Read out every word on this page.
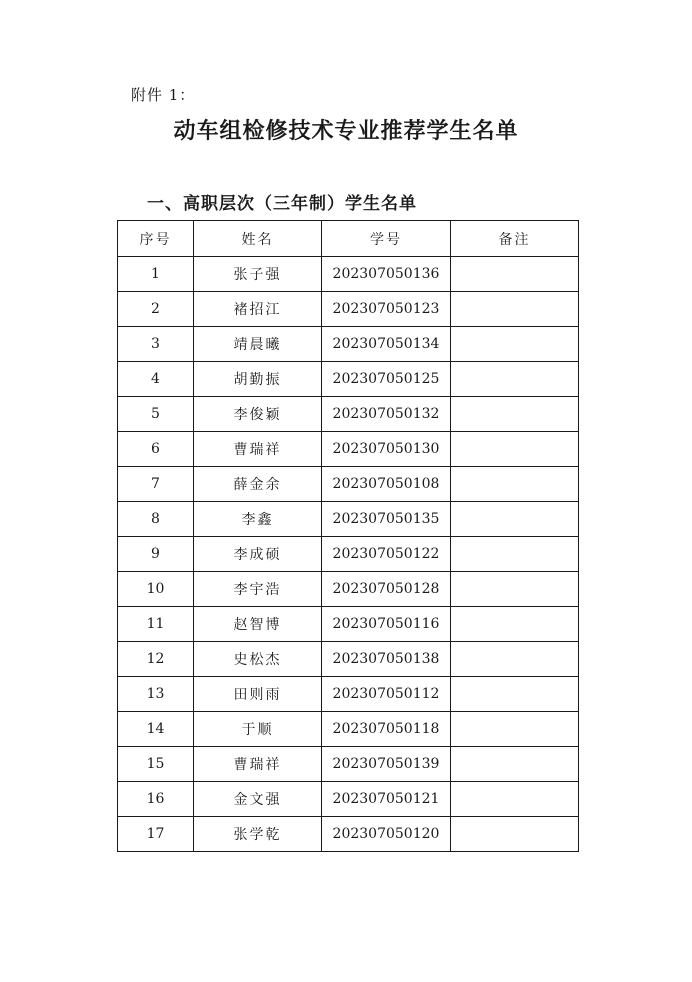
附件 1：
动车组检修技术专业推荐学生名单
一、高职层次（三年制）学生名单
序号	姓名	学号	备注
1	张子强	202307050136	
2	褚招江	202307050123	
3	靖晨曦	202307050134	
4	胡勤振	202307050125	
5	李俊颖	202307050132	
6	曹瑞祥	202307050130	
7	薛金余	202307050108	
8	李鑫	202307050135	
9	李成硕	202307050122	
10	李宇浩	202307050128	
11	赵智博	202307050116	
12	史松杰	202307050138	
13	田则雨	202307050112	
14	于顺	202307050118	
15	曹瑞祥	202307050139	
16	金文强	202307050121	
17	张学乾	202307050120	
